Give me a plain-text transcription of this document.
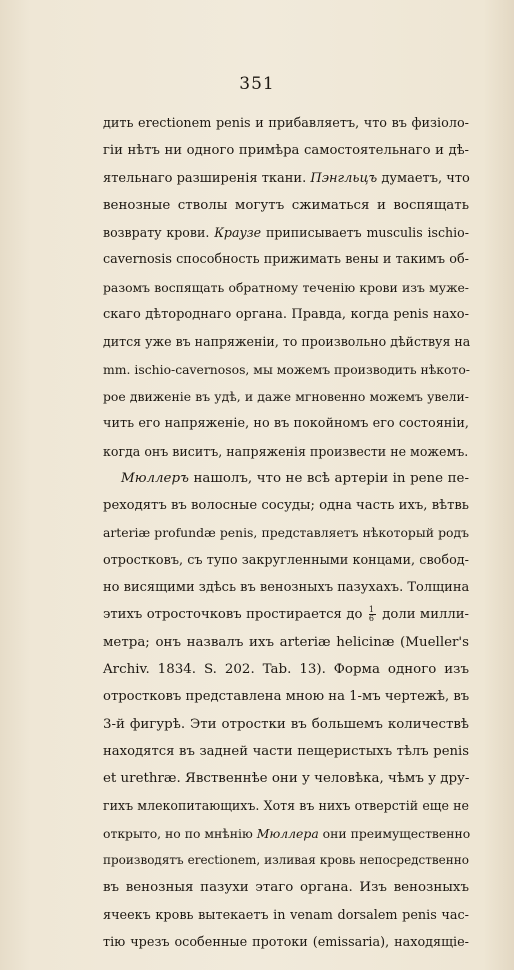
351
дить erectionem penis и прибавляетъ, что въ физіоло-
гіи нѣтъ ни одного примѣра самостоятельнаго и дѣ-
ятельнаго разширенія ткани. Пэнгльцъ думаетъ, что
венозные стволы могутъ сжиматься и воспящать
возврату крови. Краузе приписываетъ musculis ischio-
cavernosis способность прижимать вены и такимъ об-
разомъ воспящать обратному теченію крови изъ муже-
скаго дѣтороднаго органа. Правда, когда penis нахо-
дится уже въ напряженіи, то произвольно дѣйствуя на
mm. ischio-cavernosos, мы можемъ производить нѣкото-
рое движеніе въ удѣ, и даже мгновенно можемъ увели-
чить его напряженіе, но въ покойномъ его состояніи,
когда онъ виситъ, напряженія произвести не можемъ.
Мюллеръ нашолъ, что не всѣ артеріи in pene пе-
реходятъ въ волосные сосуды; одна часть ихъ, вѣтвь
arteriæ profundæ penis, представляетъ нѣкоторый родъ
отростковъ, съ тупо закругленными концами, свобод-
но висящими здѣсь въ венозныхъ пазухахъ. Толщина
этихъ отросточковъ простирается до $\frac{1}{6}$ доли милли-
метра; онъ назвалъ ихъ arteriæ helicinæ (Mueller's
Archiv. 1834. S. 202. Tab. 13). Форма одного изъ
отростковъ представлена мною на 1-мъ чертежѣ, въ
3-й фигурѣ. Эти отростки въ большемъ количествѣ
находятся въ задней части пещеристыхъ тѣлъ penis
et urethræ. Явственнѣе они у человѣка, чѣмъ у дру-
гихъ млекопитающихъ. Хотя въ нихъ отверстій еще не
открыто, но по мнѣнію Мюллера они преимущественно
производятъ erectionem, изливая кровь непосредственно
въ венозныя пазухи этаго органа. Изъ венозныхъ
ячеекъ кровь вытекаетъ in venam dorsalem penis час-
тію чрезъ особенные протоки (emissaria), находящіе-
